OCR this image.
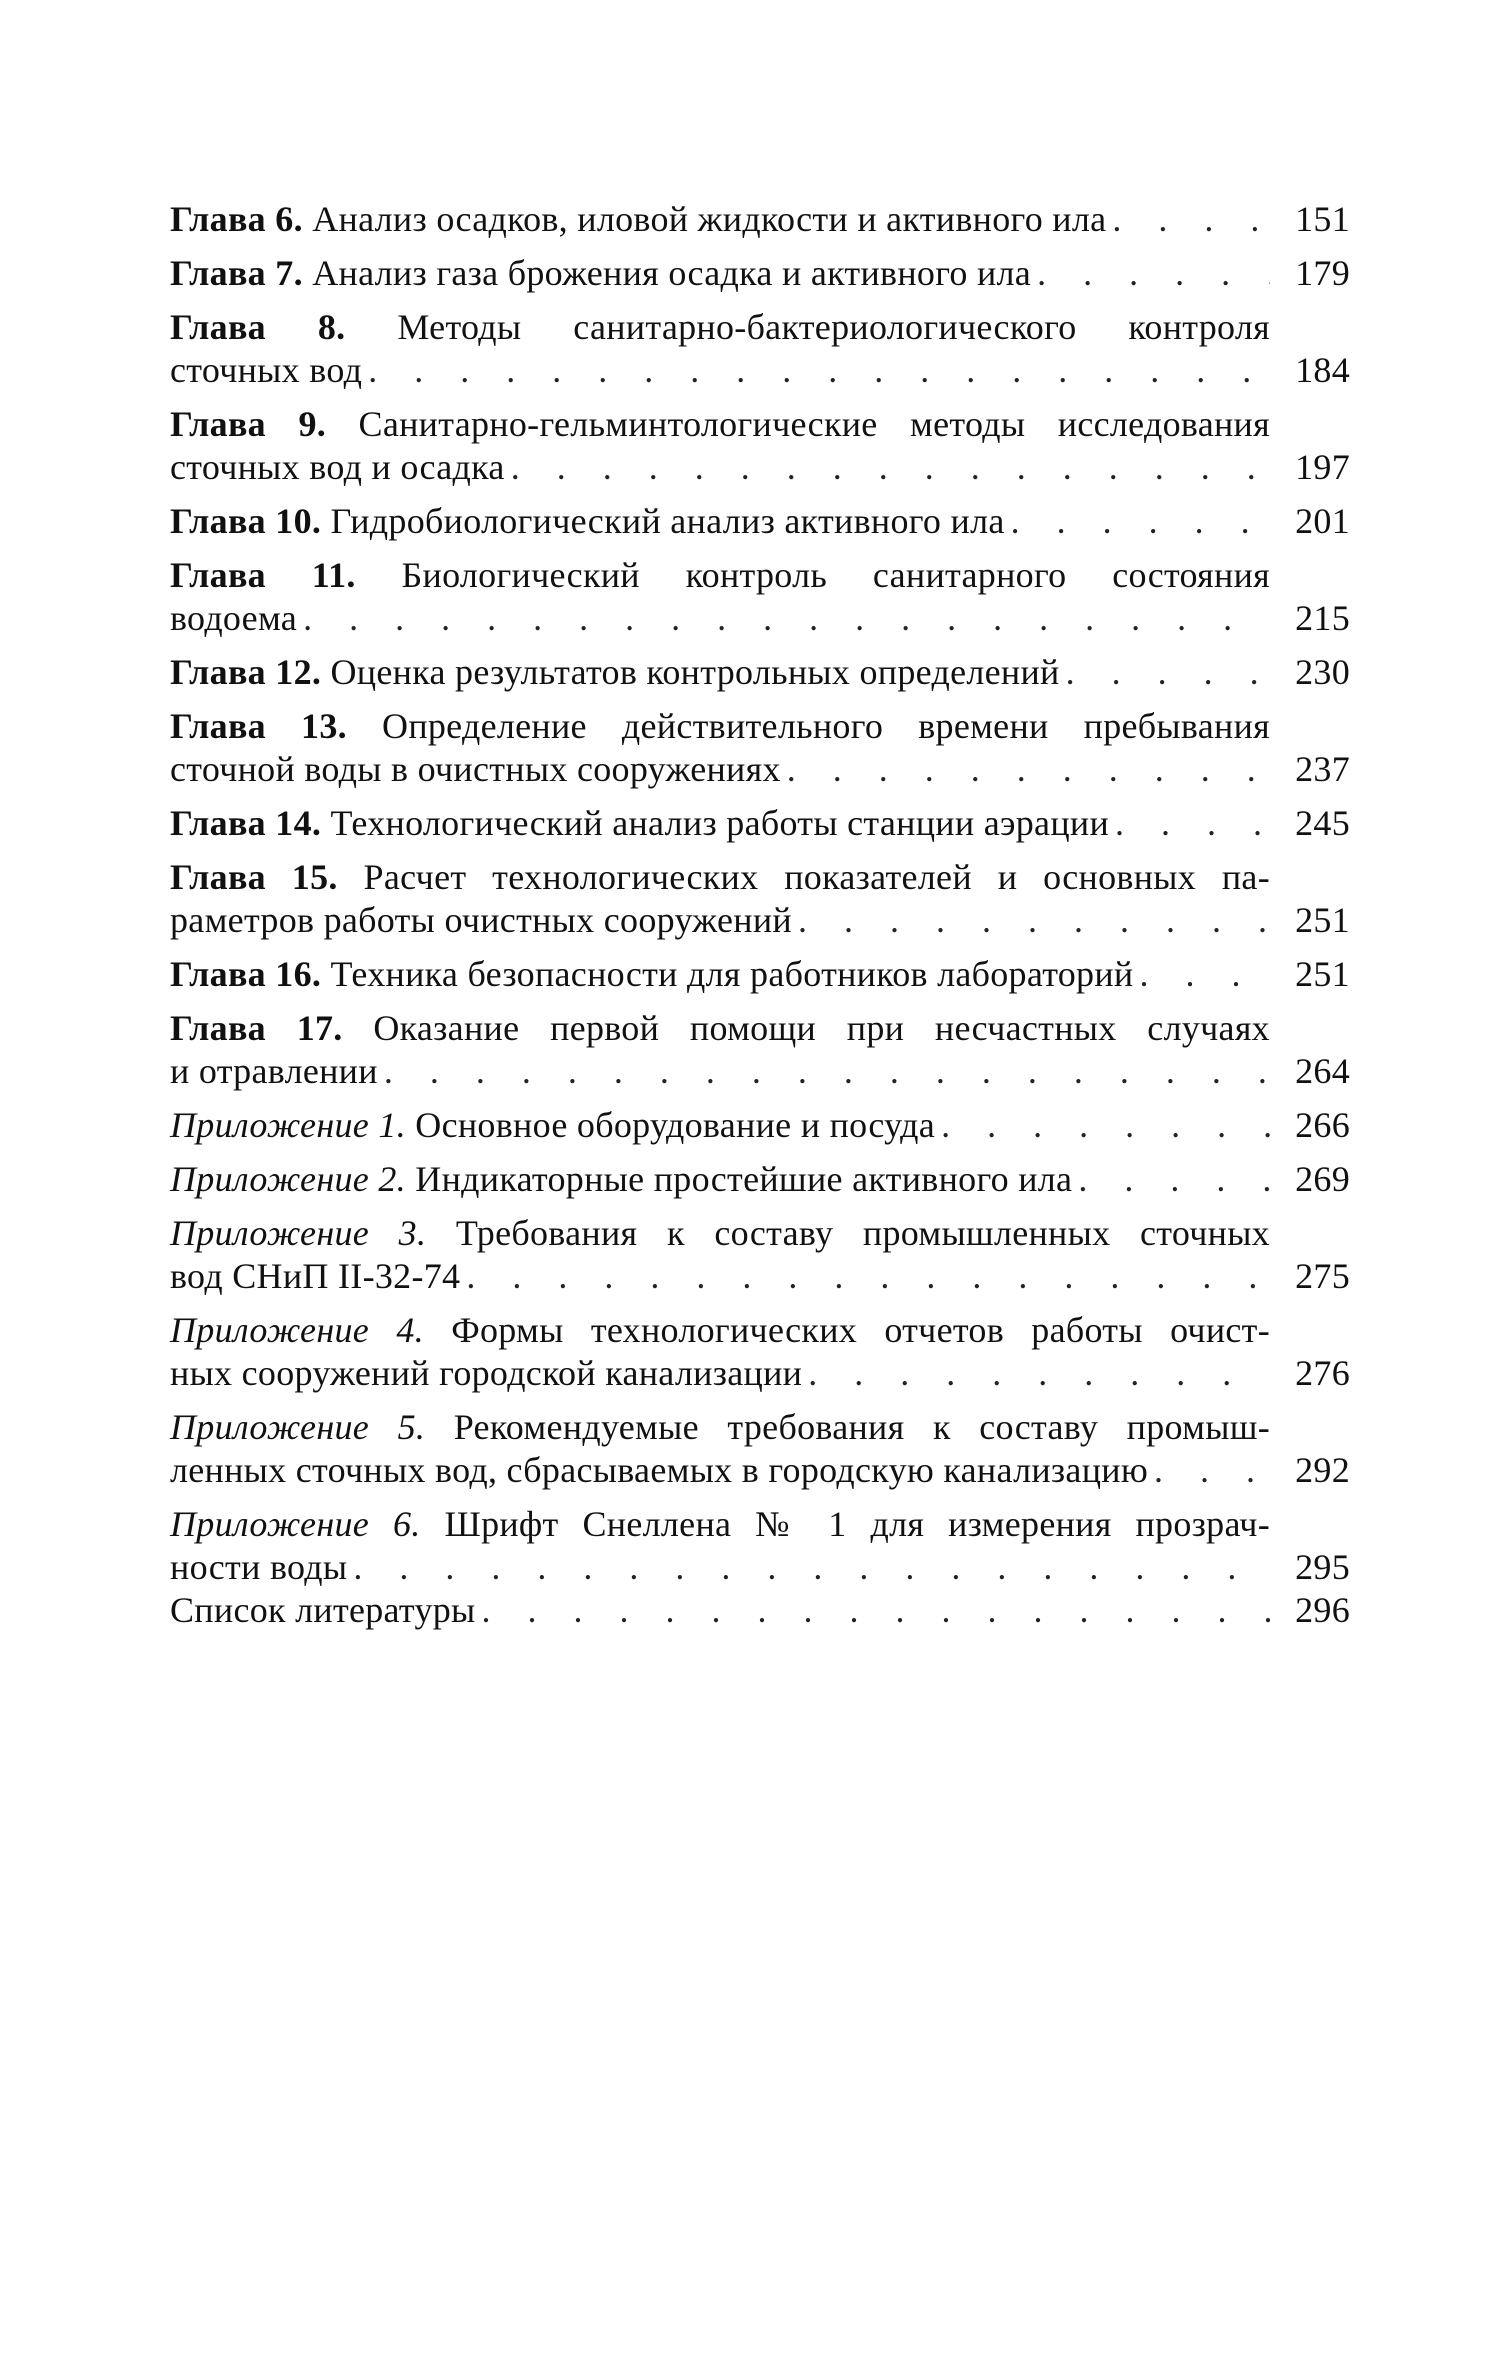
Глава 6. Анализ осадков, иловой жидкости и активного ила . . .	151
Глава 7. Анализ газа брожения осадка и активного ила . . .	179
Глава 8. Методы санитарно-бактериологического контроля
сточных вод . . .	184
Глава 9. Санитарно-гельминтологические методы исследования
сточных вод и осадка . . .	197
Глава 10. Гидробиологический анализ активного ила . . .	201
Глава 11. Биологический контроль санитарного состояния
водоема . . .	215
Глава 12. Оценка результатов контрольных определений . . .	230
Глава 13. Определение действительного времени пребывания
сточной воды в очистных сооружениях . . .	237
Глава 14. Технологический анализ работы станции аэрации . . .	245
Глава 15. Расчет технологических показателей и основных па-
раметров работы очистных сооружений . . .	251
Глава 16. Техника безопасности для работников лабораторий . . .	251
Глава 17. Оказание первой помощи при несчастных случаях
и отравлении . . .	264
Приложение 1. Основное оборудование и посуда . . .	266
Приложение 2. Индикаторные простейшие активного ила . . .	269
Приложение 3. Требования к составу промышленных сточных
вод СНиП II-32-74 . . .	275
Приложение 4. Формы технологических отчетов работы очист-
ных сооружений городской канализации . . .	276
Приложение 5. Рекомендуемые требования к составу промыш-
ленных сточных вод, сбрасываемых в городскую канализацию . . .	292
Приложение 6. Шрифт Снеллена № 1 для измерения прозрач-
ности воды . . .	295
Список литературы . . .	296
